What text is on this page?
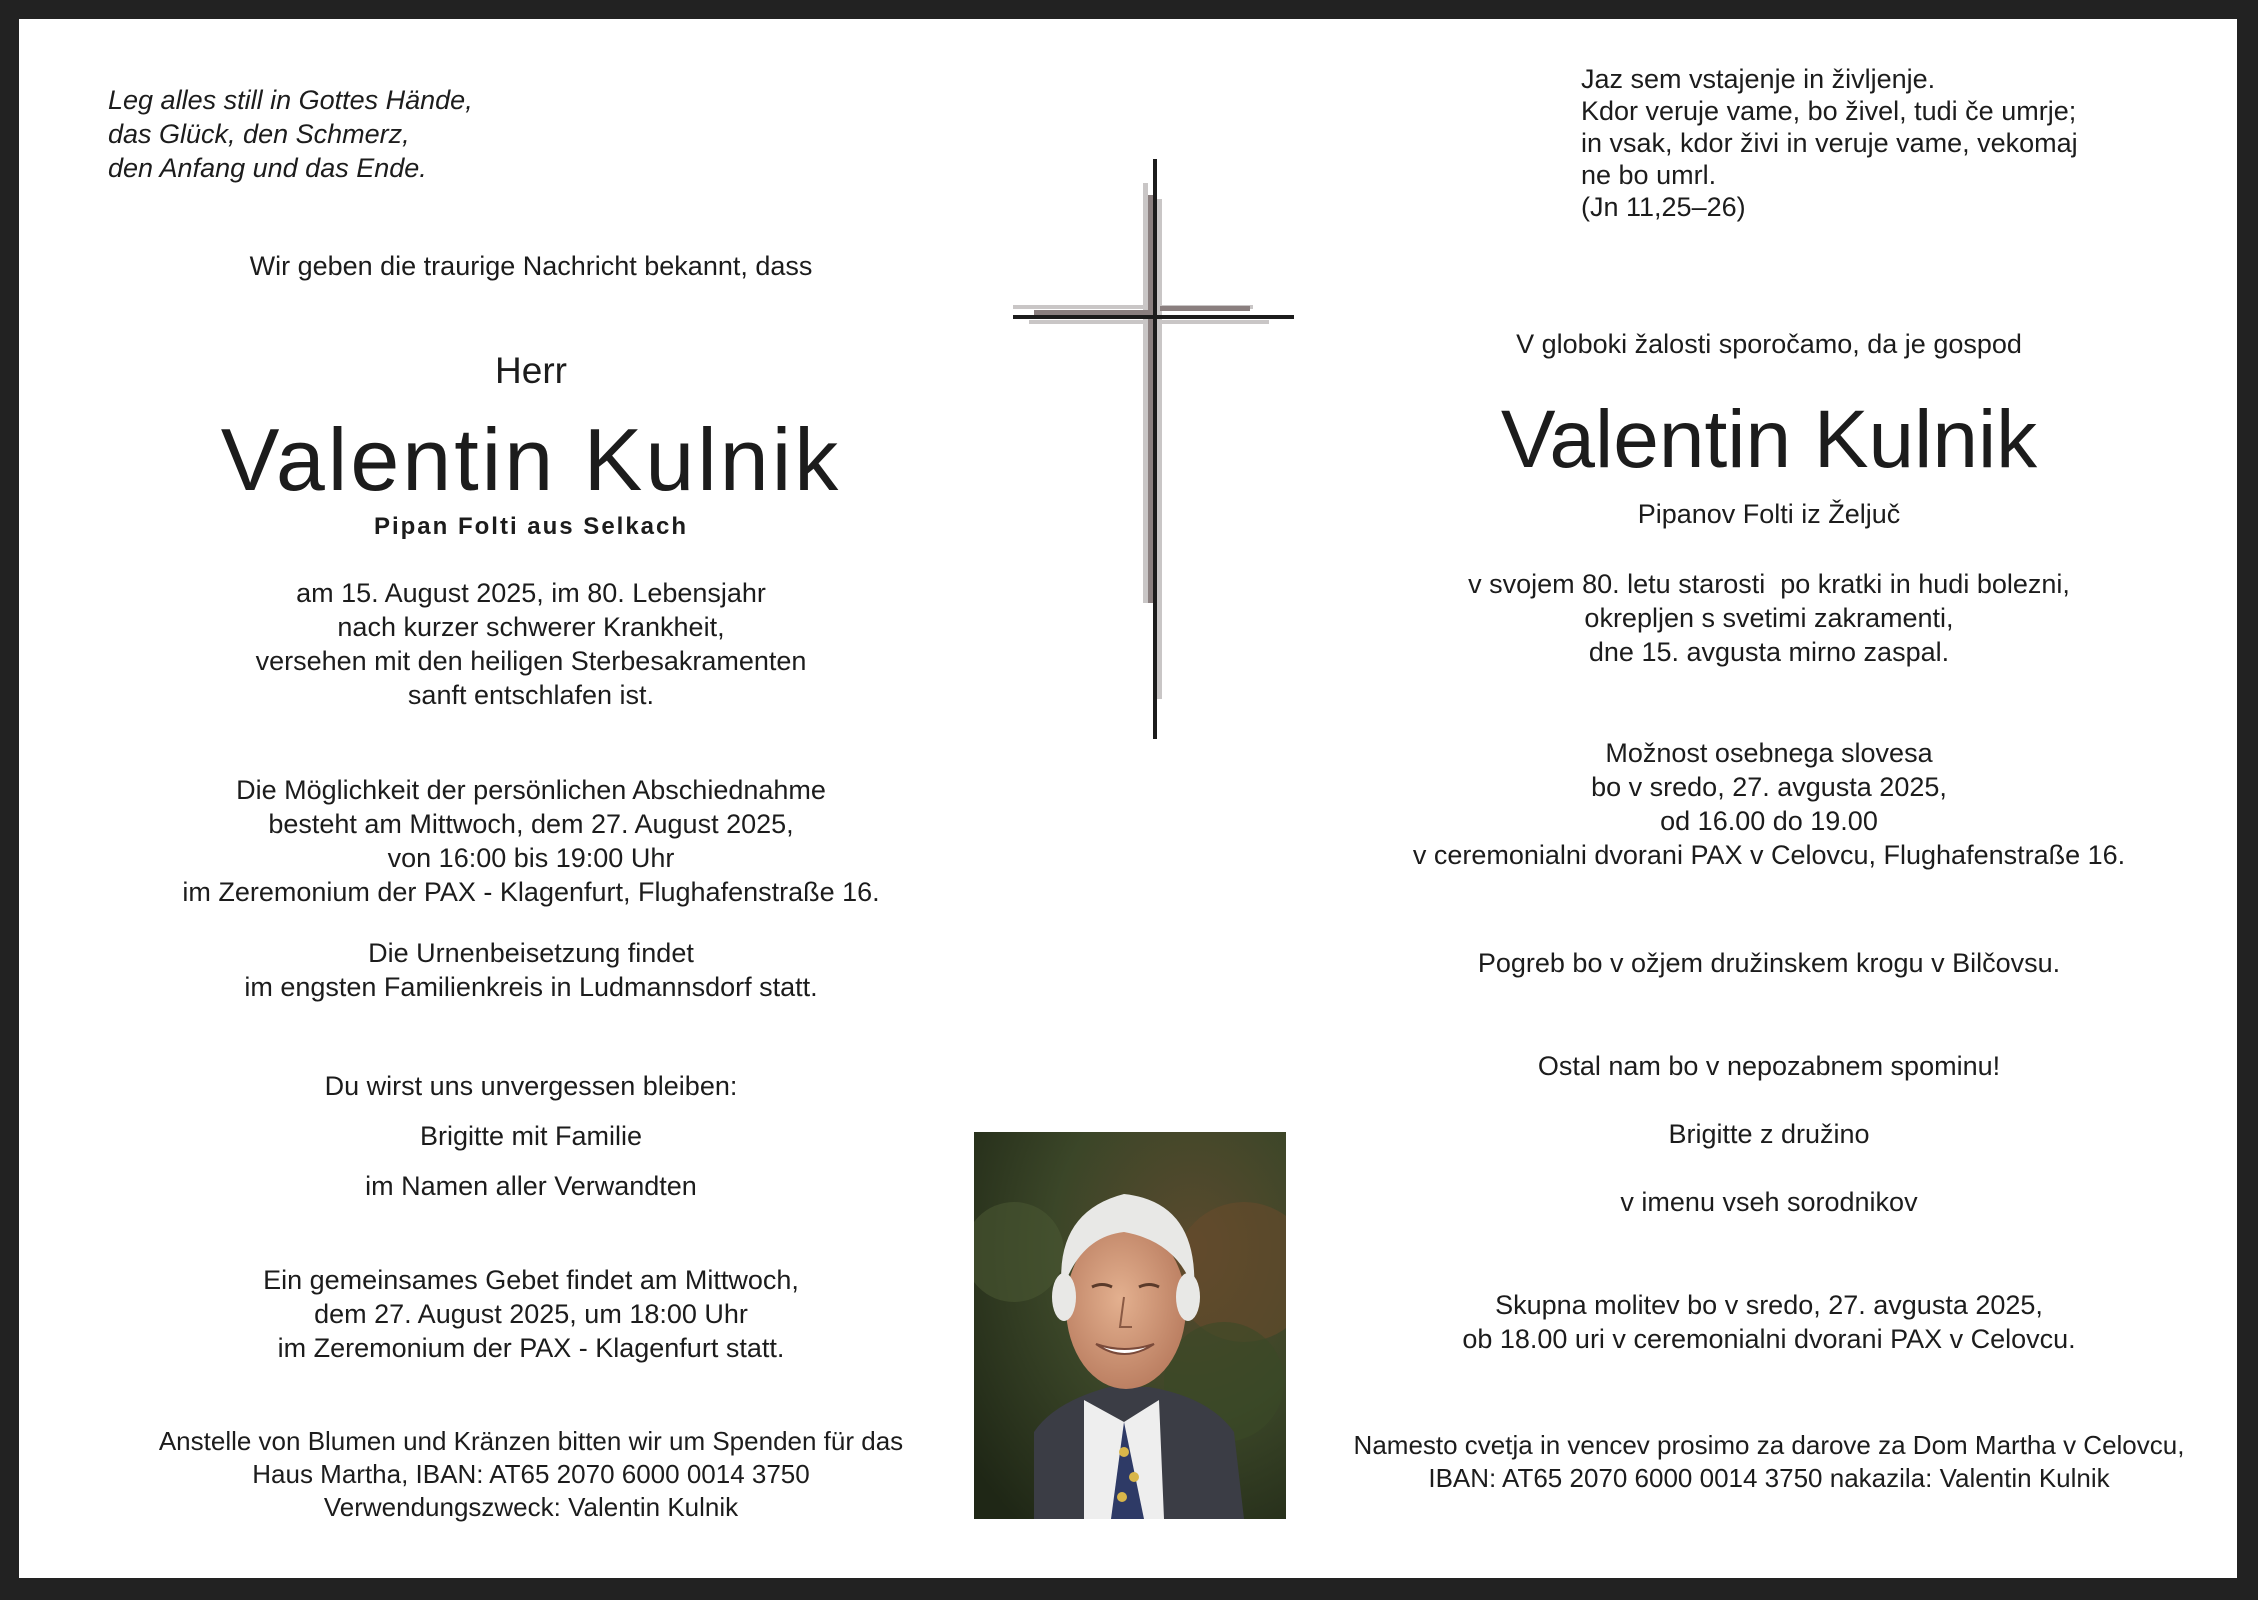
Leg alles still in Gottes Hände,
das Glück, den Schmerz,
den Anfang und das Ende.
Wir geben die traurige Nachricht bekannt, dass
Herr
Valentin Kulnik
Pipan Folti aus Selkach
am 15. August 2025, im 80. Lebensjahr
nach kurzer schwerer Krankheit,
versehen mit den heiligen Sterbesakramenten
sanft entschlafen ist.
Die Möglichkeit der persönlichen Abschiednahme
besteht am Mittwoch, dem 27. August 2025,
von 16:00 bis 19:00 Uhr
im Zeremonium der PAX - Klagenfurt, Flughafenstraße 16.
Die Urnenbeisetzung findet
im engsten Familienkreis in Ludmannsdorf statt.
Du wirst uns unvergessen bleiben:
Brigitte mit Familie
im Namen aller Verwandten
Ein gemeinsames Gebet findet am Mittwoch,
dem 27. August 2025, um 18:00 Uhr
im Zeremonium der PAX - Klagenfurt statt.
Anstelle von Blumen und Kränzen bitten wir um Spenden für das
Haus Martha, IBAN: AT65 2070 6000 0014 3750
Verwendungszweck: Valentin Kulnik
Jaz sem vstajenje in življenje.
Kdor veruje vame, bo živel, tudi če umrje;
in vsak, kdor živi in veruje vame, vekomaj
ne bo umrl.
(Jn 11,25–26)
V globoki žalosti sporočamo, da je gospod
Valentin Kulnik
Pipanov Folti iz Željuč
v svojem 80. letu starosti  po kratki in hudi bolezni,
okrepljen s svetimi zakramenti,
dne 15. avgusta mirno zaspal.
Možnost osebnega slovesa
bo v sredo, 27. avgusta 2025,
od 16.00 do 19.00
v ceremonialni dvorani PAX v Celovcu, Flughafenstraße 16.
Pogreb bo v ožjem družinskem krogu v Bilčovsu.
Ostal nam bo v nepozabnem spominu!
Brigitte z družino
v imenu vseh sorodnikov
Skupna molitev bo v sredo, 27. avgusta 2025,
ob 18.00 uri v ceremonialni dvorani PAX v Celovcu.
Namesto cvetja in vencev prosimo za darove za Dom Martha v Celovcu,
IBAN: AT65 2070 6000 0014 3750 nakazila: Valentin Kulnik
